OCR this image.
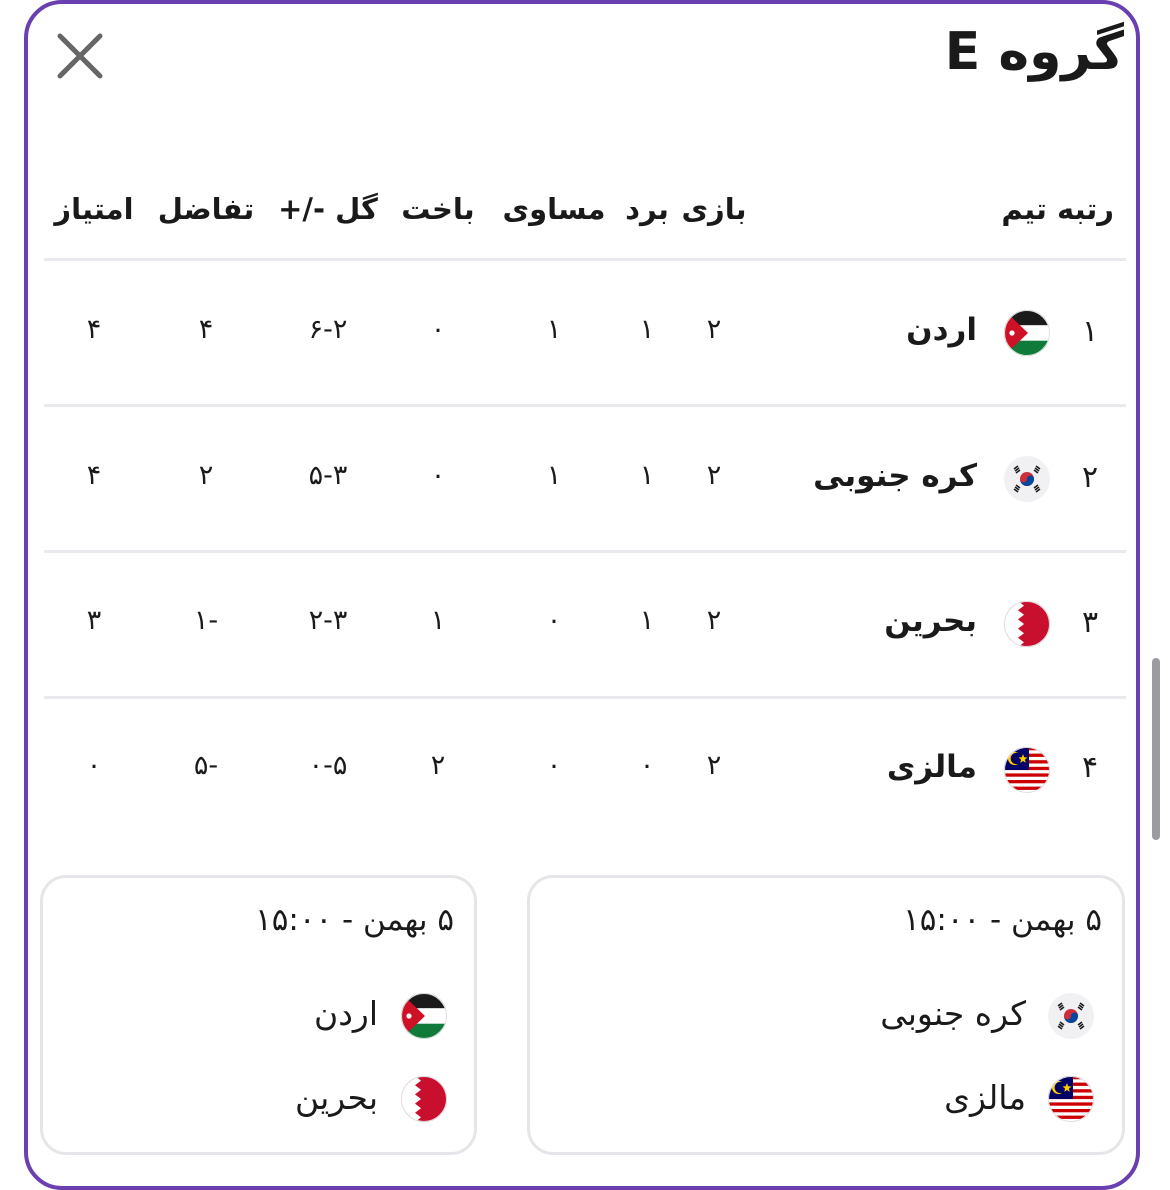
گروه E
رتبه تیم
بازی
برد
مساوی
باخت
گل -/+
تفاضل
امتیاز
۱
اردن
۲
۱
۱
۰
۶-۲
۴
۴
۲
کره جنوبی
۲
۱
۱
۰
۵-۳
۲
۴
۳
بحرین
۲
۱
۰
۱
۲-۳
-۱
۳
۴
مالزی
۲
۰
۰
۲
۰-۵
-۵
۰
۵ بهمن - ۱۵:۰۰
کره جنوبی
مالزی
۵ بهمن - ۱۵:۰۰
اردن
بحرین
